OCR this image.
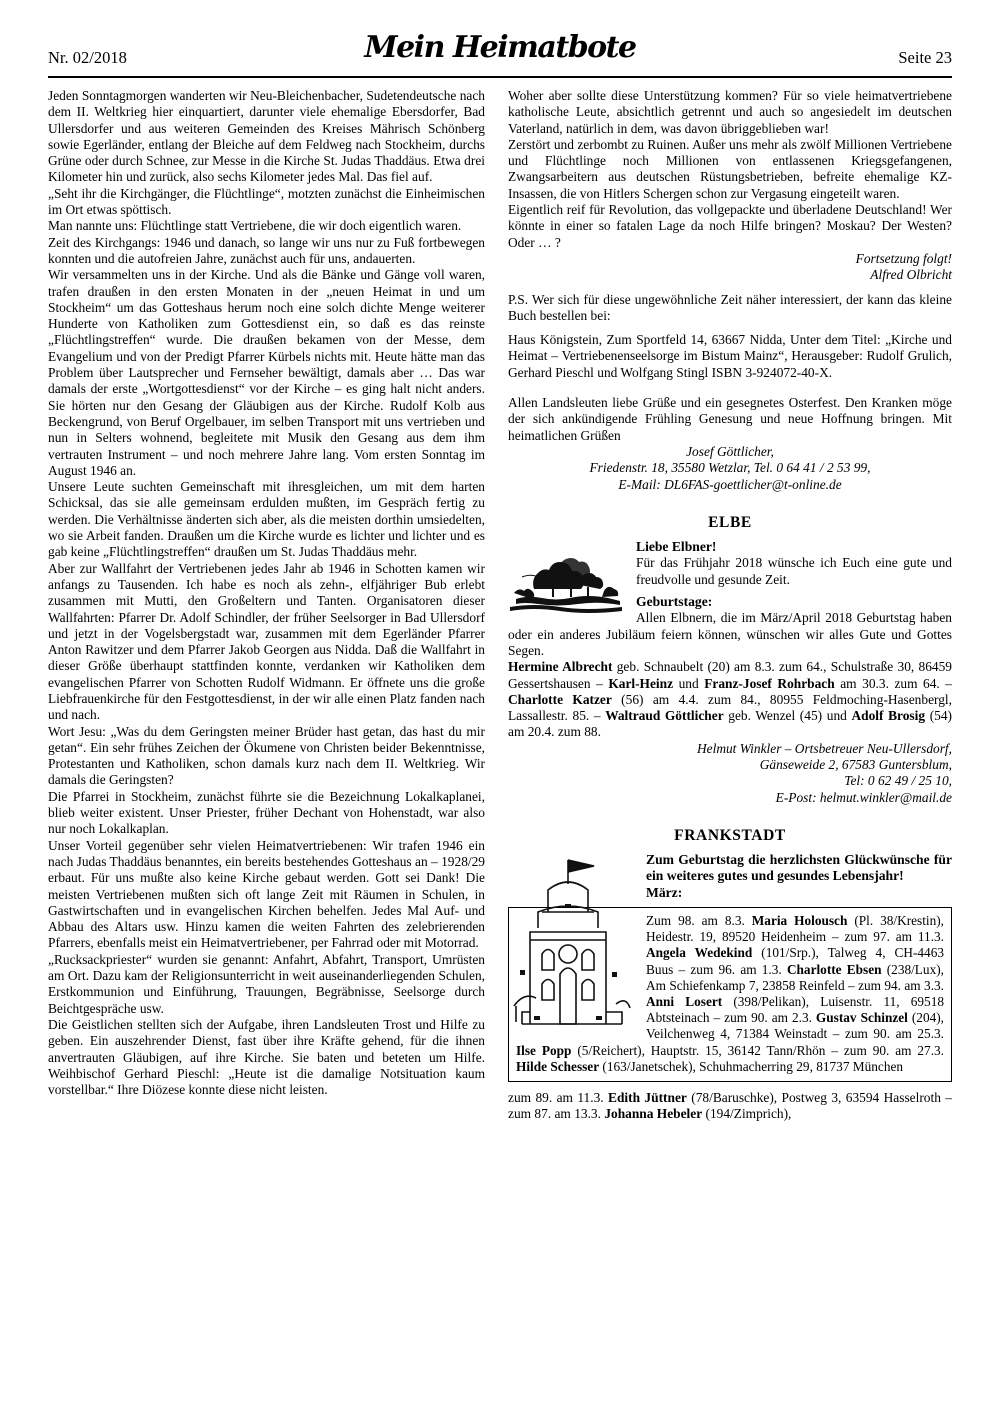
Nr. 02/2018	Mein Heimatbote	Seite 23

Jeden Sonntagmorgen wanderten wir Neu-Bleichenbacher, Sudetendeutsche nach dem II. Weltkrieg hier einquartiert, darunter viele ehemalige Ebersdorfer, Bad Ullersdorfer und aus weiteren Gemeinden des Kreises Mährisch Schönberg sowie Egerländer, entlang der Bleiche auf dem Feldweg nach Stockheim, durchs Grüne oder durch Schnee, zur Messe in die Kirche St. Judas Thaddäus. Etwa drei Kilometer hin und zurück, also sechs Kilometer jedes Mal. Das fiel auf.

„Seht ihr die Kirchgänger, die Flüchtlinge“, motzten zunächst die Einheimischen im Ort etwas spöttisch.

Man nannte uns: Flüchtlinge statt Vertriebene, die wir doch eigentlich waren.

Zeit des Kirchgangs: 1946 und danach, so lange wir uns nur zu Fuß fortbewegen konnten und die autofreien Jahre, zunächst auch für uns, andauerten.

Wir versammelten uns in der Kirche. Und als die Bänke und Gänge voll waren, trafen draußen in den ersten Monaten in der „neuen Heimat in und um Stockheim“ um das Gotteshaus herum noch eine solch dichte Menge weiterer Hunderte von Katholiken zum Gottesdienst ein, so daß es das reinste „Flüchtlingstreffen“ wurde. Die draußen bekamen von der Messe, dem Evangelium und von der Predigt Pfarrer Kürbels nichts mit. Heute hätte man das Problem über Lautsprecher und Fernseher bewältigt, damals aber … Das war damals der erste „Wortgottesdienst“ vor der Kirche – es ging halt nicht anders. Sie hörten nur den Gesang der Gläubigen aus der Kirche. Rudolf Kolb aus Beckengrund, von Beruf Orgelbauer, im selben Transport mit uns vertrieben und nun in Selters wohnend, begleitete mit Musik den Gesang aus dem ihm vertrauten Instrument – und noch mehrere Jahre lang. Vom ersten Sonntag im August 1946 an.

Unsere Leute suchten Gemeinschaft mit ihresgleichen, um mit dem harten Schicksal, das sie alle gemeinsam erdulden mußten, im Gespräch fertig zu werden. Die Verhältnisse änderten sich aber, als die meisten dorthin umsiedelten, wo sie Arbeit fanden. Draußen um die Kirche wurde es lichter und lichter und es gab keine „Flüchtlingstreffen“ draußen um St. Judas Thaddäus mehr.

Aber zur Wallfahrt der Vertriebenen jedes Jahr ab 1946 in Schotten kamen wir anfangs zu Tausenden. Ich habe es noch als zehn-, elfjähriger Bub erlebt zusammen mit Mutti, den Großeltern und Tanten. Organisatoren dieser Wallfahrten: Pfarrer Dr. Adolf Schindler, der früher Seelsorger in Bad Ullersdorf und jetzt in der Vogelsbergstadt war, zusammen mit dem Egerländer Pfarrer Anton Rawitzer und dem Pfarrer Jakob Georgen aus Nidda. Daß die Wallfahrt in dieser Größe überhaupt stattfinden konnte, verdanken wir Katholiken dem evangelischen Pfarrer von Schotten Rudolf Widmann. Er öffnete uns die große Liebfrauenkirche für den Festgottesdienst, in der wir alle einen Platz fanden nach und nach.

Wort Jesu: „Was du dem Geringsten meiner Brüder hast getan, das hast du mir getan“. Ein sehr frühes Zeichen der Ökumene von Christen beider Bekenntnisse, Protestanten und Katholiken, schon damals kurz nach dem II. Weltkrieg. Wir damals die Geringsten?

Die Pfarrei in Stockheim, zunächst führte sie die Bezeichnung Lokalkaplanei, blieb weiter existent. Unser Priester, früher Dechant von Hohenstadt, war also nur noch Lokalkaplan.

Unser Vorteil gegenüber sehr vielen Heimatvertriebenen: Wir trafen 1946 ein nach Judas Thaddäus benanntes, ein bereits bestehendes Gotteshaus an – 1928/29 erbaut. Für uns mußte also keine Kirche gebaut werden. Gott sei Dank! Die meisten Vertriebenen mußten sich oft lange Zeit mit Räumen in Schulen, in Gastwirtschaften und in evangelischen Kirchen behelfen. Jedes Mal Auf- und Abbau des Altars usw. Hinzu kamen die weiten Fahrten des zelebrierenden Pfarrers, ebenfalls meist ein Heimatvertriebener, per Fahrrad oder mit Motorrad.

„Rucksackpriester“ wurden sie genannt: Anfahrt, Abfahrt, Transport, Umrüsten am Ort. Dazu kam der Religionsunterricht in weit auseinanderliegenden Schulen, Erstkommunion und Einführung, Trauungen, Begräbnisse, Seelsorge durch Beichtgespräche usw.

Die Geistlichen stellten sich der Aufgabe, ihren Landsleuten Trost und Hilfe zu geben. Ein auszehrender Dienst, fast über ihre Kräfte gehend, für die ihnen anvertrauten Gläubigen, auf ihre Kirche. Sie baten und beteten um Hilfe. Weihbischof Gerhard Pieschl: „Heute ist die damalige Notsituation kaum vorstellbar.“ Ihre Diözese konnte diese nicht leisten.

Woher aber sollte diese Unterstützung kommen? Für so viele heimatvertriebene katholische Leute, absichtlich getrennt und auch so angesiedelt im deutschen Vaterland, natürlich in dem, was davon übriggeblieben war!

Zerstört und zerbombt zu Ruinen. Außer uns mehr als zwölf Millionen Vertriebene und Flüchtlinge noch Millionen von entlassenen Kriegsgefangenen, Zwangsarbeitern aus deutschen Rüstungsbetrieben, befreite ehemalige KZ-Insassen, die von Hitlers Schergen schon zur Vergasung eingeteilt waren.

Eigentlich reif für Revolution, das vollgepackte und überladene Deutschland! Wer könnte in einer so fatalen Lage da noch Hilfe bringen? Moskau? Der Westen? Oder … ?

Fortsetzung folgt!

Alfred Olbricht

P.S. Wer sich für diese ungewöhnliche Zeit näher interessiert, der kann das kleine Buch bestellen bei:

Haus Königstein, Zum Sportfeld 14, 63667 Nidda, Unter dem Titel: „Kirche und Heimat – Vertriebenenseelsorge im Bistum Mainz“, Herausgeber: Rudolf Grulich, Gerhard Pieschl und Wolfgang Stingl ISBN 3-924072-40-X.

Allen Landsleuten liebe Grüße und ein gesegnetes Osterfest. Den Kranken möge der sich ankündigende Frühling Genesung und neue Hoffnung bringen. Mit heimatlichen Grüßen

Josef Göttlicher,

Friedenstr. 18, 35580 Wetzlar, Tel. 0 64 41 / 2 53 99,

E-Mail: DL6FAS-goettlicher@t-online.de

ELBE

Liebe Elbner!

Für das Frühjahr 2018 wünsche ich Euch eine gute und freudvolle und gesunde Zeit.

Geburtstage:

Allen Elbnern, die im März/April 2018 Geburtstag haben oder ein anderes Jubiläum feiern können, wünschen wir alles Gute und Gottes Segen.

Hermine Albrecht geb. Schnaubelt (20) am 8.3. zum 64., Schulstraße 30, 86459 Gessertshausen – Karl-Heinz und Franz-Josef Rohrbach am 30.3. zum 64. – Charlotte Katzer (56) am 4.4. zum 84., 80955 Feldmoching-Hasenbergl, Lassallestr. 85. – Waltraud Göttlicher geb. Wenzel (45) und Adolf Brosig (54) am 20.4. zum 88.

Helmut Winkler – Ortsbetreuer Neu-Ullersdorf,

Gänseweide 2, 67583 Guntersblum,

Tel: 0 62 49 / 25 10,

E-Post: helmut.winkler@mail.de

FRANKSTADT

Zum Geburtstag die herzlichsten Glückwünsche für ein weiteres gutes und gesundes Lebensjahr!

März:

Zum 98. am 8.3. Maria Holousch (Pl. 38/Krestin), Heidestr. 19, 89520 Heidenheim – zum 97. am 11.3. Angela Wedekind (101/Srp.), Talweg 4, CH-4463 Buus – zum 96. am 1.3. Charlotte Ebsen (238/Lux), Am Schiefenkamp 7, 23858 Reinfeld – zum 94. am 3.3. Anni Losert (398/Pelikan), Luisenstr. 11, 69518 Abtsteinach – zum 90. am 2.3. Gustav Schinzel (204), Veilchenweg 4, 71384 Weinstadt – zum 90. am 25.3. Ilse Popp (5/Reichert), Hauptstr. 15, 36142 Tann/Rhön – zum 90. am 27.3. Hilde Schesser (163/Janetschek), Schuhmacherring 29, 81737 München

zum 89. am 11.3. Edith Jüttner (78/Baruschke), Postweg 3, 63594 Hasselroth – zum 87. am 13.3. Johanna Hebeler (194/Zimprich),
